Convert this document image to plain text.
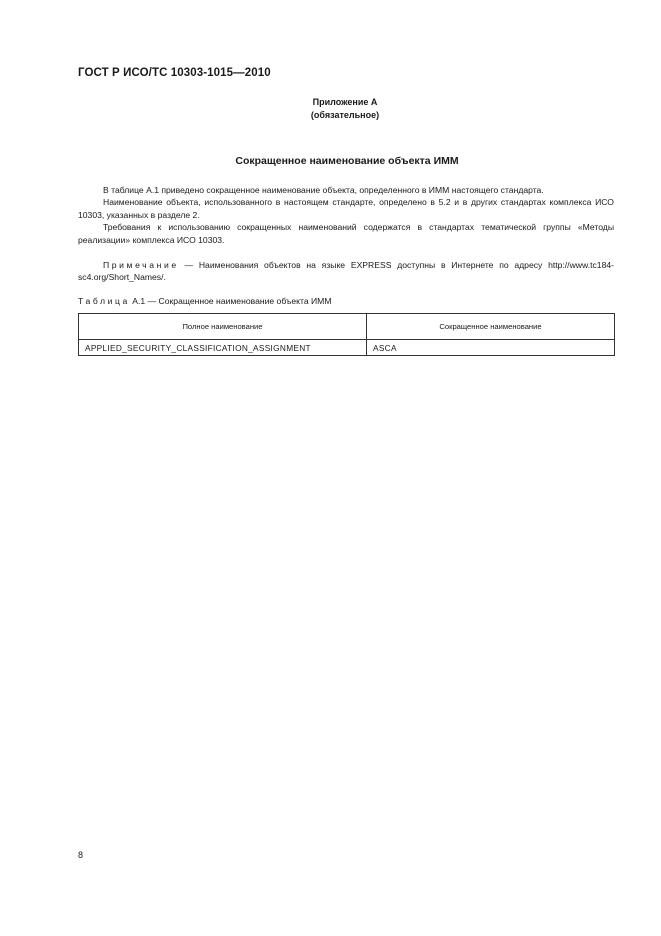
ГОСТ Р ИСО/ТС 10303-1015—2010
Приложение А
(обязательное)
Сокращенное наименование объекта ИММ

В таблице А.1 приведено сокращенное наименование объекта, определенного в ИММ настоящего стандарта.

Наименование объекта, использованного в настоящем стандарте, определено в 5.2 и в других стандартах комплекса ИСО 10303, указанных в разделе 2.

Требования к использованию сокращенных наименований содержатся в стандартах тематической группы «Методы реализации» комплекса ИСО 10303.

Примечание — Наименования объектов на языке EXPRESS доступны в Интернете по адресу http://www.tc184-sc4.org/Short_Names/.

Таблица А.1 — Сокращенное наименование объекта ИММ
Полное наименование	Сокращенное наименование
APPLIED_SECURITY_CLASSIFICATION_ASSIGNMENT	ASCA
8
